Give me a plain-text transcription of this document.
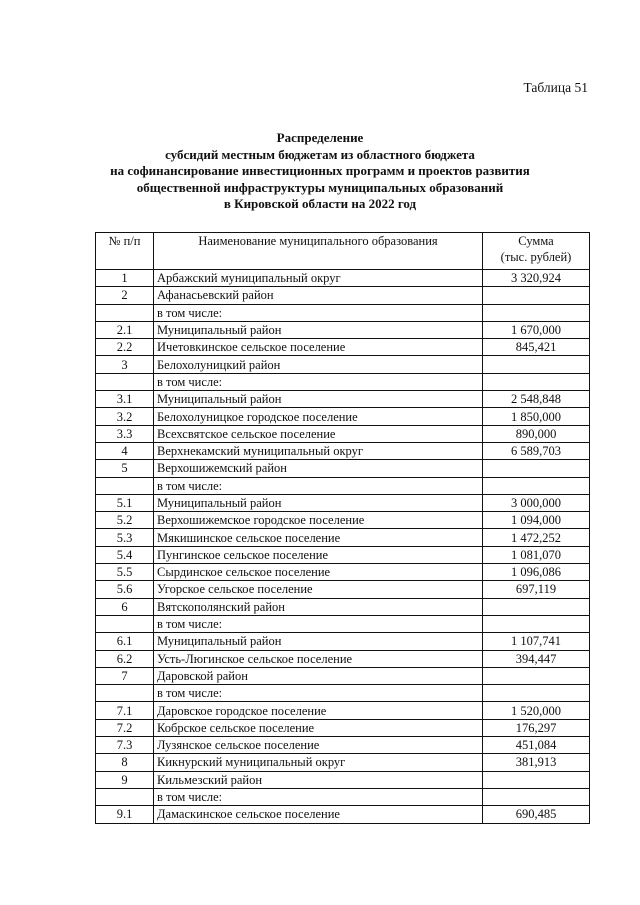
Таблица 51
Распределение
субсидий местным бюджетам из областного бюджета
на софинансирование инвестиционных программ и проектов развития
общественной инфраструктуры муниципальных образований
в Кировской области на 2022 год
№ п/п	Наименование муниципального образования	Сумма
(тыс. рублей)

1	Арбажский муниципальный округ	3 320,924
2	Афанасьевский район	
	в том числе:	
2.1	Муниципальный район	1 670,000
2.2	Ичетовкинское сельское поселение	845,421
3	Белохолуницкий район	
	в том числе:	
3.1	Муниципальный район	2 548,848
3.2	Белохолуницкое городское поселение	1 850,000
3.3	Всехсвятское сельское поселение	890,000
4	Верхнекамский муниципальный округ	6 589,703
5	Верхошижемский район	
	в том числе:	
5.1	Муниципальный район	3 000,000
5.2	Верхошижемское городское поселение	1 094,000
5.3	Мякишинское сельское поселение	1 472,252
5.4	Пунгинское сельское поселение	1 081,070
5.5	Сырдинское сельское поселение	1 096,086
5.6	Угорское сельское поселение	697,119
6	Вятскополянский район	
	в том числе:	
6.1	Муниципальный район	1 107,741
6.2	Усть-Люгинское сельское поселение	394,447
7	Даровской район	
	в том числе:	
7.1	Даровское городское поселение	1 520,000
7.2	Кобрское сельское поселение	176,297
7.3	Лузянское сельское поселение	451,084
8	Кикнурский муниципальный округ	381,913
9	Кильмезский район	
	в том числе:	
9.1	Дамаскинское сельское поселение	690,485
